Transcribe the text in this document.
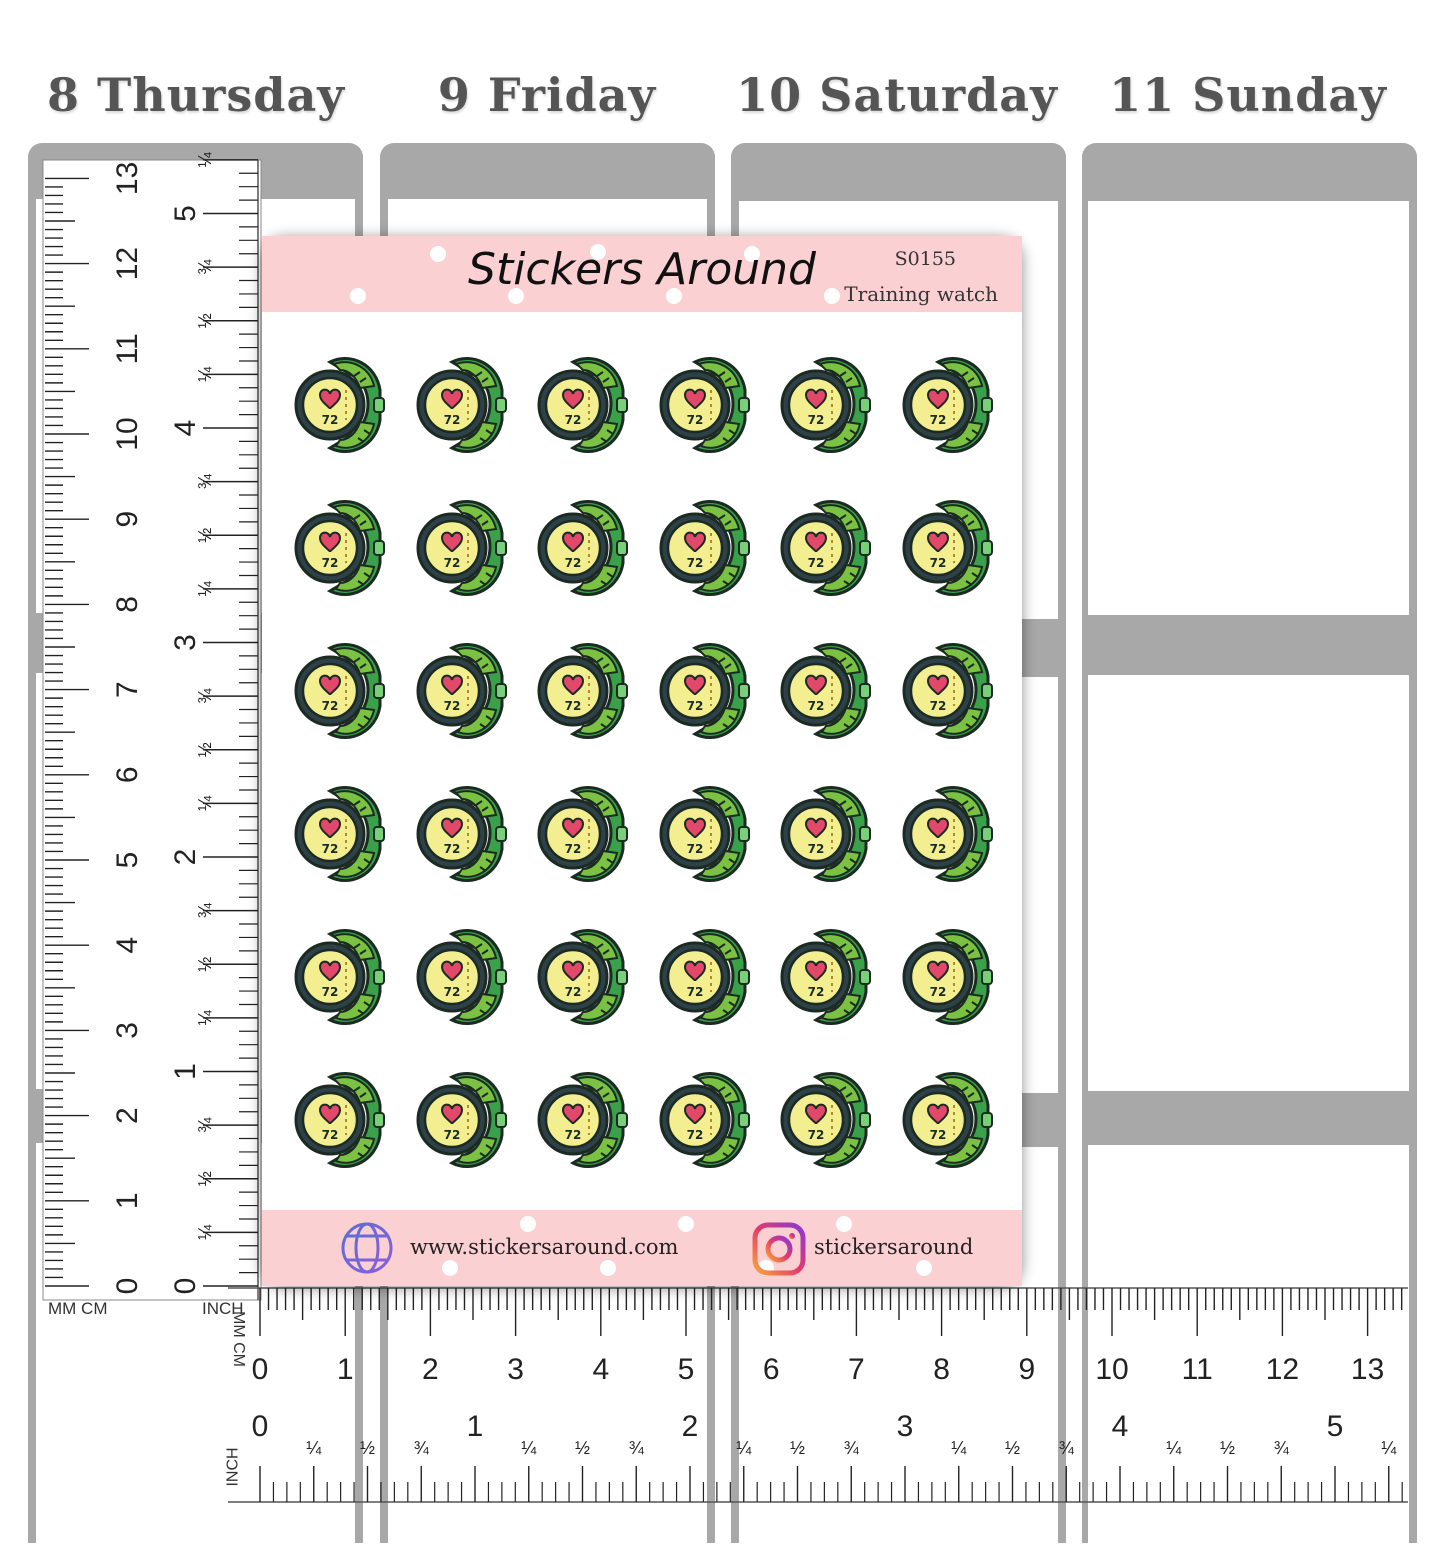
8 Thursday	9 Friday	10 Saturday	11 Sunday
0
1
2
3
4
5
6
7
8
9
10
11
12
13
0
¼
½
¾
1
¼
½
¾
2
¼
½
¾
3
¼
½
¾
4
¼
½
¾
5
¼
MM CM	INCH
0 1 2 3 4 5 6 7 8 9 10 11 12 13
0
¼ ½ ¾
1
¼ ½ ¾
2
¼ ½ ¾
3
¼ ½ ¾
4
¼ ½ ¾
5
¼
MM CM
INCH
Stickers Around	S0155
Training watch
72	72	72	72	72	72
72	72	72	72	72	72
72	72	72	72	72	72
72	72	72	72	72	72
72	72	72	72	72	72
72	72	72	72	72	72
www.stickersaround.com	stickersaround
